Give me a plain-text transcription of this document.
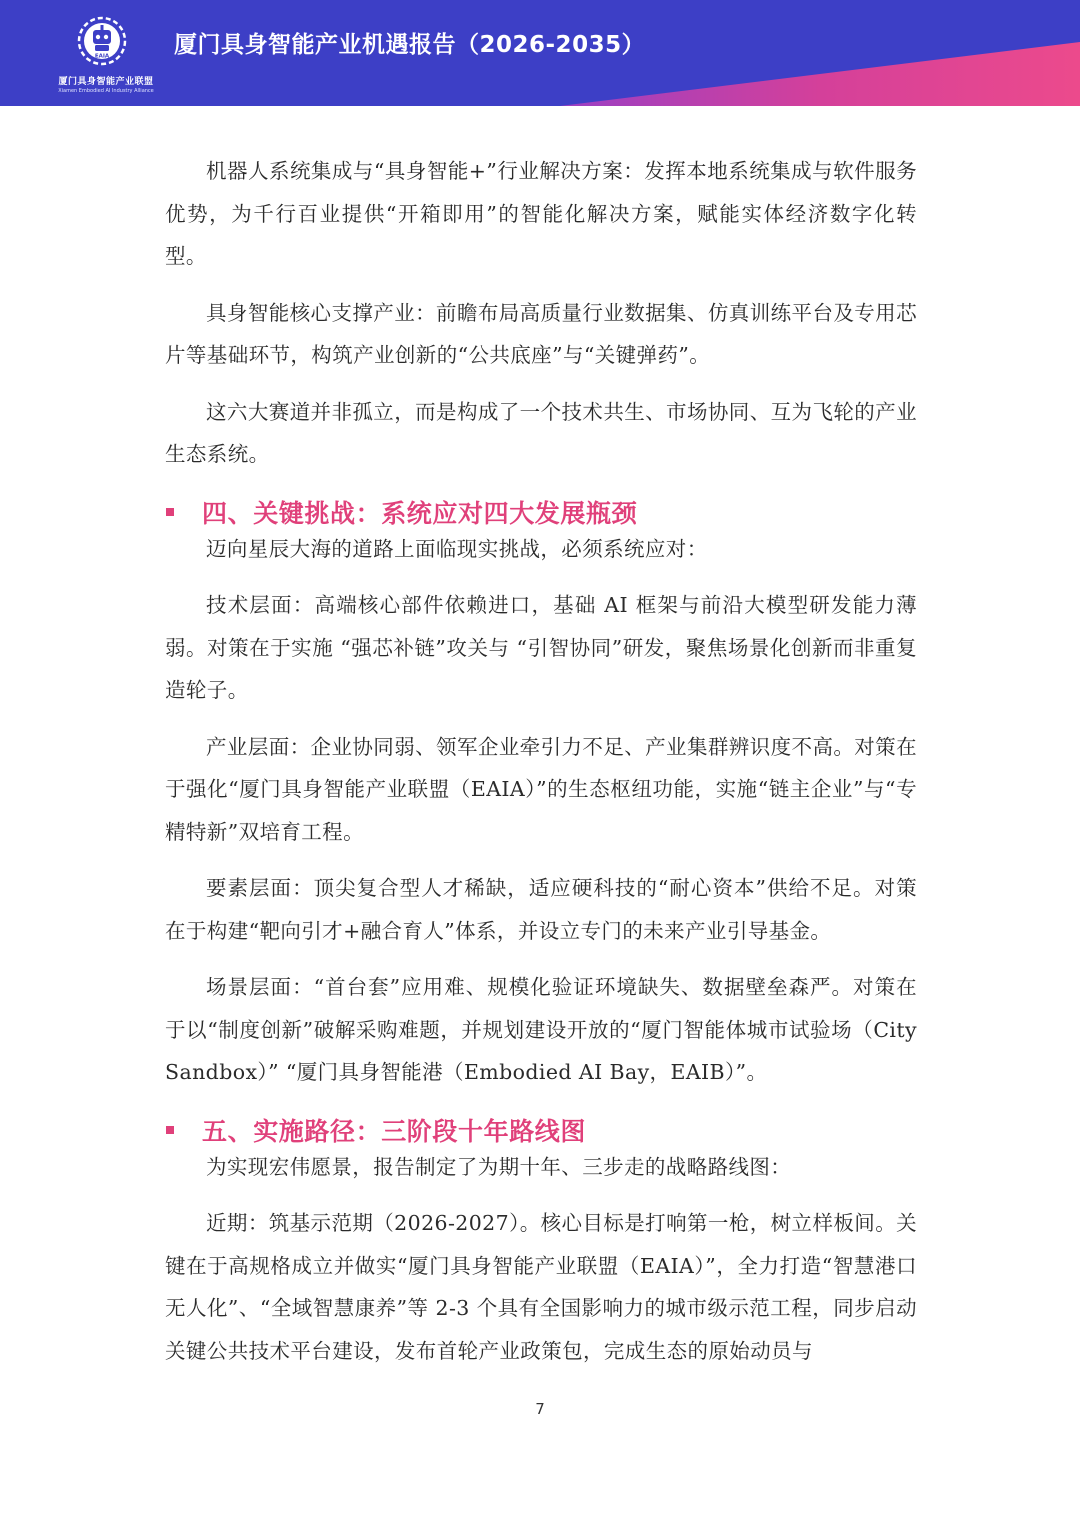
EAIA
厦门具身智能产业联盟
Xiamen Embodied AI Industry Alliance
厦门具身智能产业机遇报告（2026-2035）

机器人系统集成与“具身智能+”行业解决方案：发挥本地系统集成与软件服务优势，为千行百业提供“开箱即用”的智能化解决方案，赋能实体经济数字化转型。

具身智能核心支撑产业：前瞻布局高质量行业数据集、仿真训练平台及专用芯片等基础环节，构筑产业创新的“公共底座”与“关键弹药”。

这六大赛道并非孤立，而是构成了一个技术共生、市场协同、互为飞轮的产业生态系统。

四、关键挑战：系统应对四大发展瓶颈

迈向星辰大海的道路上面临现实挑战，必须系统应对：

技术层面：高端核心部件依赖进口，基础 AI 框架与前沿大模型研发能力薄弱。对策在于实施 “强芯补链”攻关与 “引智协同”研发，聚焦场景化创新而非重复造轮子。

产业层面：企业协同弱、领军企业牵引力不足、产业集群辨识度不高。对策在于强化“厦门具身智能产业联盟（EAIA）”的生态枢纽功能，实施“链主企业”与“专精特新”双培育工程。

要素层面：顶尖复合型人才稀缺，适应硬科技的“耐心资本”供给不足。对策在于构建“靶向引才+融合育人”体系，并设立专门的未来产业引导基金。

场景层面：“首台套”应用难、规模化验证环境缺失、数据壁垒森严。对策在于以“制度创新”破解采购难题，并规划建设开放的“厦门智能体城市试验场（City Sandbox）” “厦门具身智能港（Embodied AI Bay，EAIB）”。

五、实施路径：三阶段十年路线图

为实现宏伟愿景，报告制定了为期十年、三步走的战略路线图：

近期：筑基示范期（2026-2027）。核心目标是打响第一枪，树立样板间。关键在于高规格成立并做实“厦门具身智能产业联盟（EAIA）”，全力打造“智慧港口无人化”、“全域智慧康养”等 2-3 个具有全国影响力的城市级示范工程，同步启动关键公共技术平台建设，发布首轮产业政策包，完成生态的原始动员与

7
